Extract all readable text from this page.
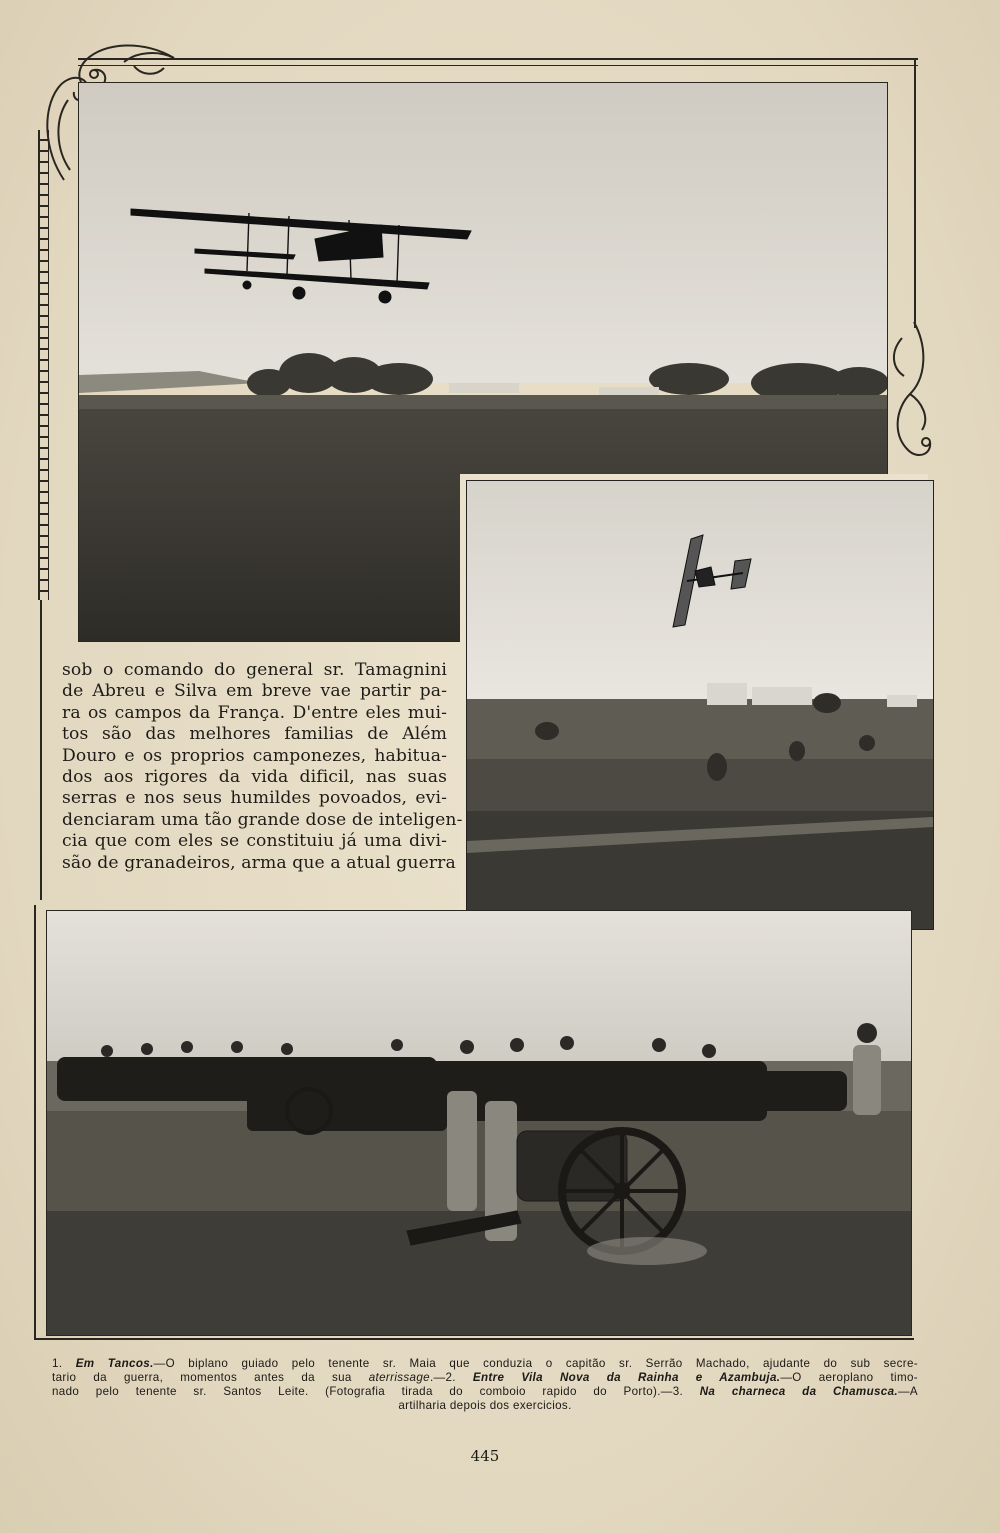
sob o comando do general sr. Tamagnini
de Abreu e Silva em breve vae partir pa-
ra os campos da França. D'entre eles mui-
tos são das melhores familias de Além
Douro e os proprios camponezes, habitua-
dos aos rigores da vida dificil, nas suas
serras e nos seus humildes povoados, evi-
denciaram uma tão grande dose de inteligen-
cia que com eles se constituiu já uma divi-
são de granadeiros, arma que a atual guerra
1. Em Tancos.—O biplano guiado pelo tenente sr. Maia que conduzia o capitão sr. Serrão Machado, ajudante do sub secre-
tario da guerra, momentos antes da sua aterrissage.—2. Entre Vila Nova da Rainha e Azambuja.—O aeroplano timo-
nado pelo tenente sr. Santos Leite. (Fotografia tirada do comboio rapido do Porto).—3. Na charneca da Chamusca.—A
artilharia depois dos exercicios.
445
